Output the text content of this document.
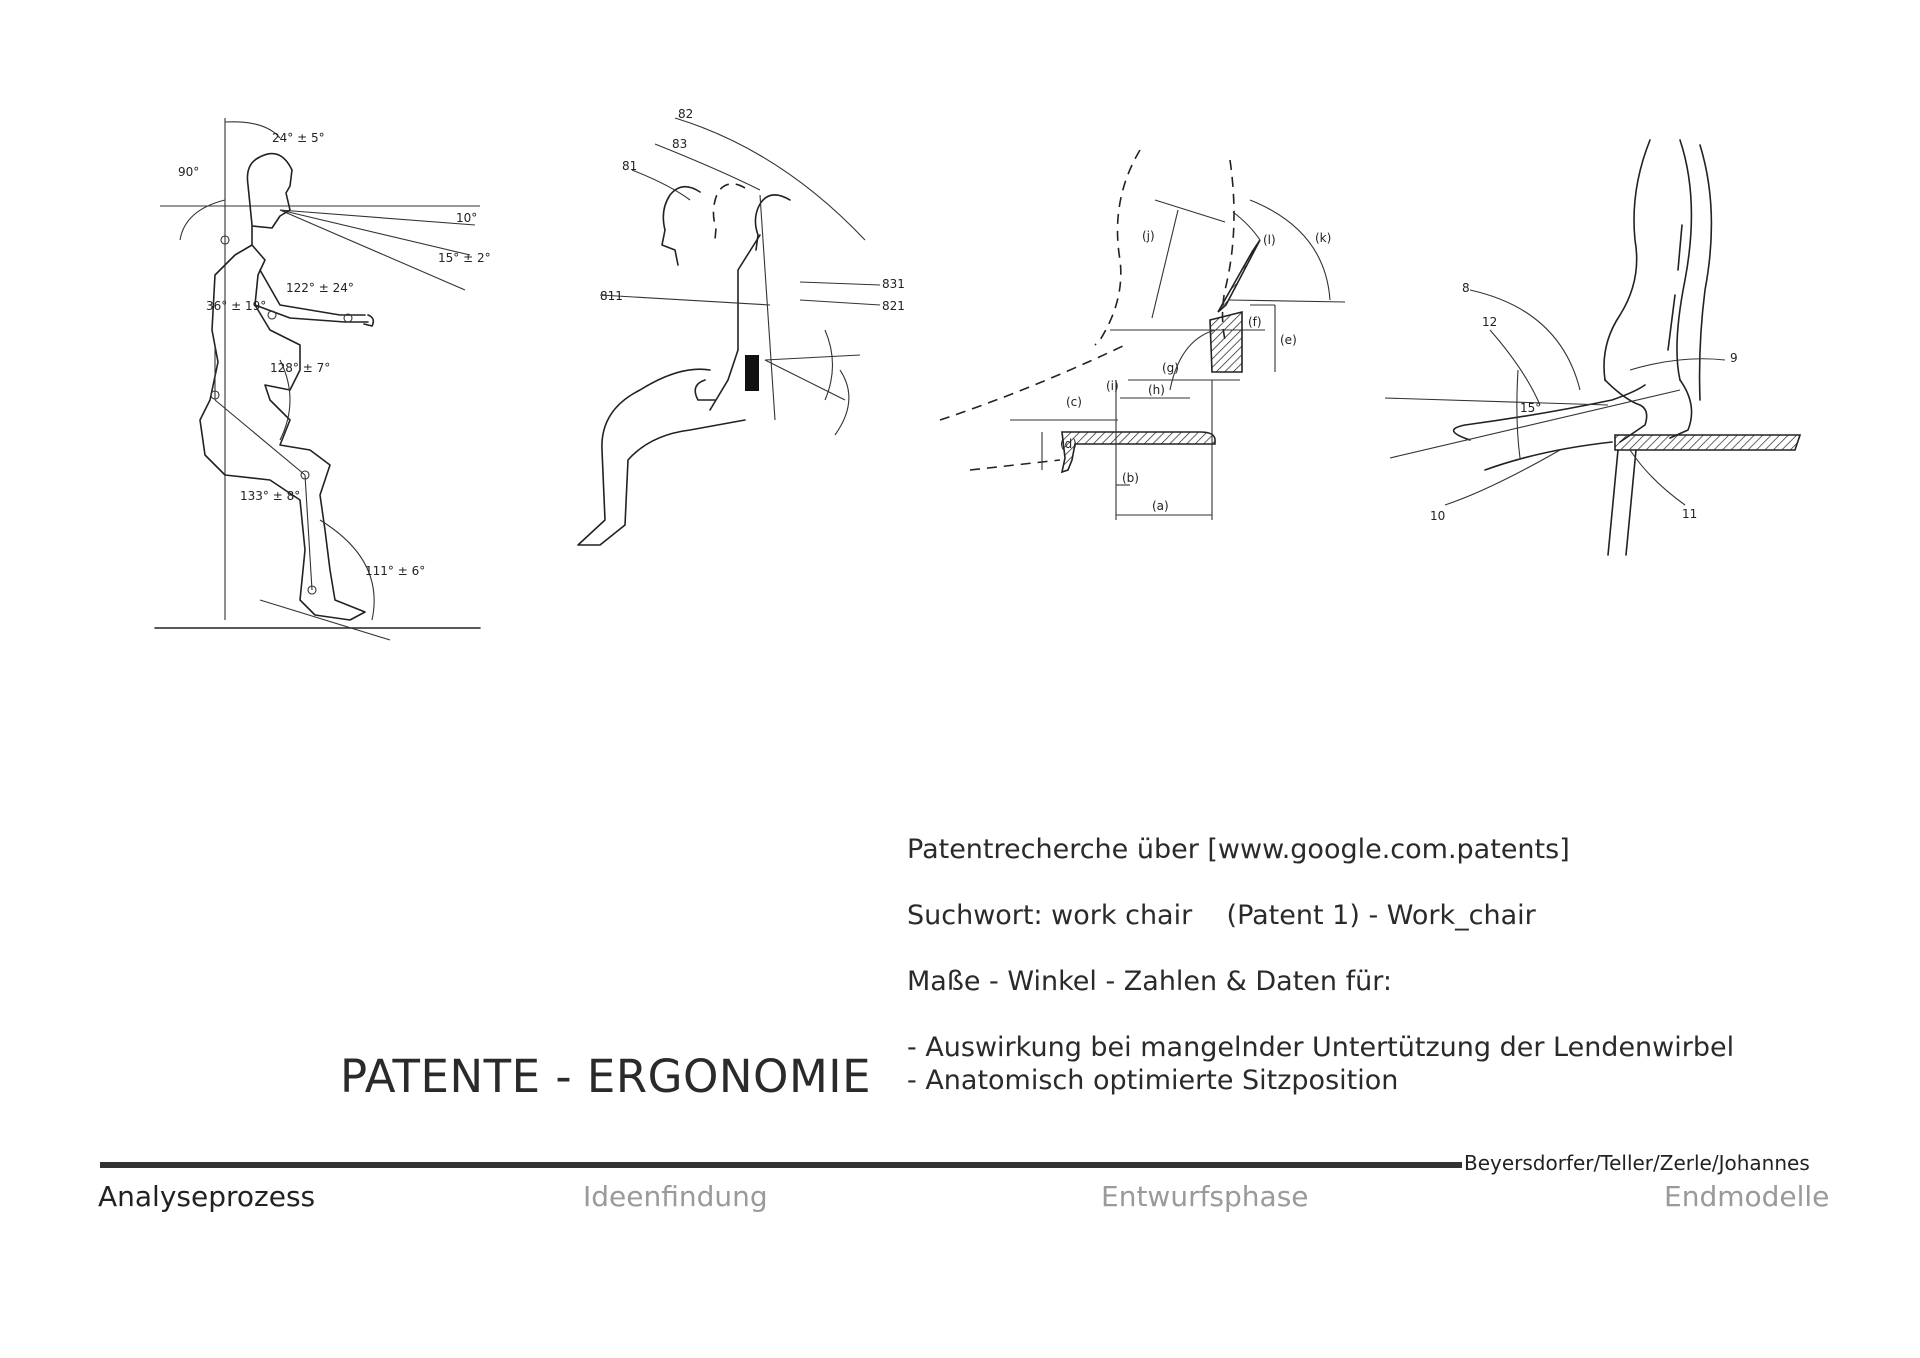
24° ± 5°
90°
10°
15° ± 2°
122° ± 24°
36° ± 19°
128° ± 7°
133° ± 8°
111° ± 6°
82
83
81
811
831
821
(j)	(l)	(k)
(f)
(e)
(g)
(i) (h)
(c)
(d)
(b)
(a)
8
12
9
15°
10	11
PATENTE - ERGONOMIE
Patentrecherche über [www.google.com.patents]
Suchwort: work chair    (Patent 1) - Work_chair
Maße - Winkel - Zahlen & Daten für:
- Auswirkung bei mangelnder Untertützung der Lendenwirbel
- Anatomisch optimierte Sitzposition
Beyersdorfer/Teller/Zerle/Johannes
Analyseprozess	Ideenfindung	Entwurfsphase	Endmodelle
